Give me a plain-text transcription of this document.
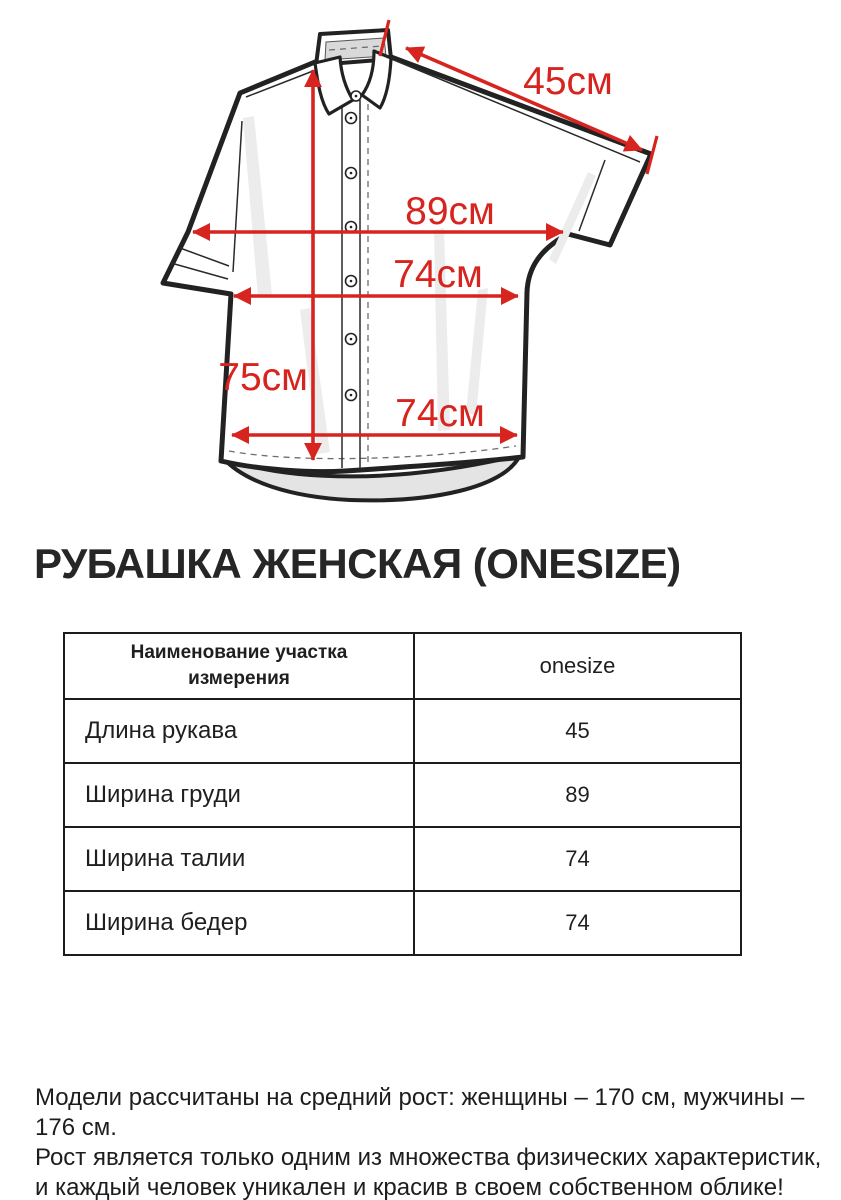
45см
89см
74см
75см
74см
РУБАШКА ЖЕНСКАЯ (ONESIZE)
Наименование участка измерения	onesize
Длина рукава	45
Ширина груди	89
Ширина талии	74
Ширина бедер	74
Модели рассчитаны на средний рост: женщины – 170 см, мужчины – 176 см.
Рост является только одним из множества физических характеристик,
и каждый человек уникален и красив в своем собственном облике!
